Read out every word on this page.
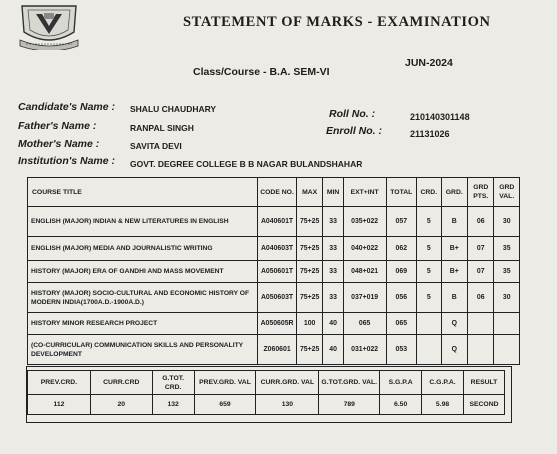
STATEMENT OF MARKS - EXAMINATION
JUN-2024
Class/Course - B.A. SEM-VI
Candidate's Name : SHALU CHAUDHARY
Father's Name :	RANPAL SINGH
Mother's Name :	SAVITA DEVI
Institution's Name : GOVT. DEGREE COLLEGE B B NAGAR BULANDSHAHAR
Roll No. :	210140301148
Enroll No. :	21131026
COURSE TITLE	CODE NO.	MAX	MIN	EXT+INT	TOTAL	CRD.	GRD.	GRD PTS.	GRD VAL.
ENGLISH (MAJOR) INDIAN & NEW LITERATURES IN ENGLISH	A040601T	75+25	33	035+022	057	5	B	06	30
ENGLISH (MAJOR) MEDIA AND JOURNALISTIC WRITING	A040603T	75+25	33	040+022	062	5	B+	07	35
HISTORY (MAJOR) ERA OF GANDHI AND MASS MOVEMENT	A050601T	75+25	33	048+021	069	5	B+	07	35
HISTORY (MAJOR) SOCIO-CULTURAL AND ECONOMIC HISTORY OF MODERN INDIA(1700A.D.-1900A.D.)	A050603T	75+25	33	037+019	056	5	B	06	30
HISTORY MINOR RESEARCH PROJECT	A050605R	100	40	065	065		Q		
(CO-CURRICULAR) COMMUNICATION SKILLS AND PERSONALITY DEVELOPMENT	Z060601	75+25	40	031+022	053		Q		
PREV.CRD.	CURR.CRD	G.TOT. CRD.	PREV.GRD. VAL	CURR.GRD. VAL	G.TOT.GRD. VAL.	S.G.P.A	C.G.P.A.	RESULT
112	20	132	659	130	789	6.50	5.98	SECOND
